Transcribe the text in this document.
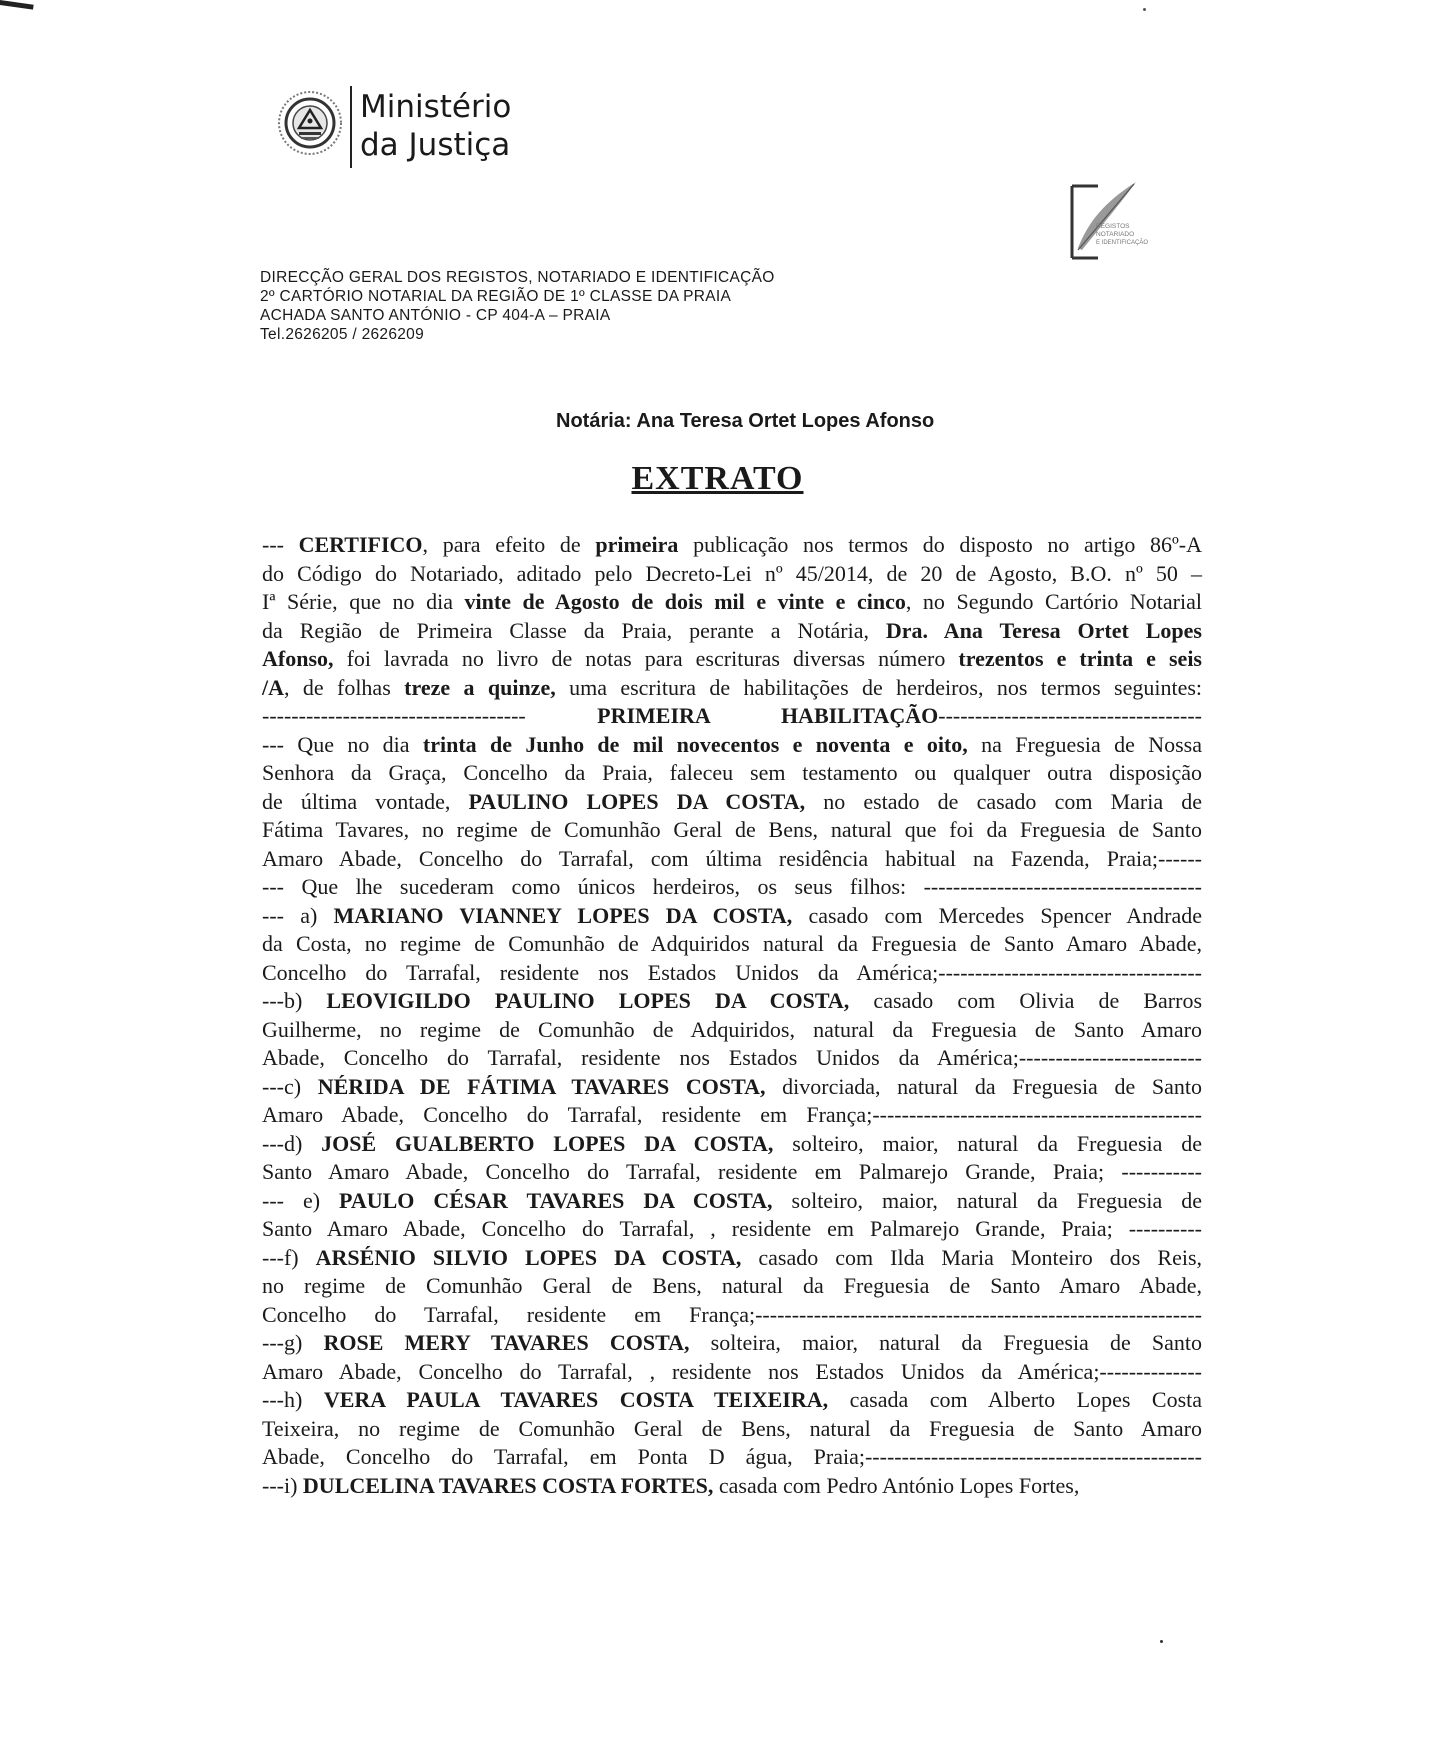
Ministério
da Justiça
REGISTOS
NOTARIADO
E IDENTIFICAÇÃO
DIRECÇÃO GERAL DOS REGISTOS, NOTARIADO E IDENTIFICAÇÃO
2º CARTÓRIO NOTARIAL DA REGIÃO DE 1º CLASSE DA PRAIA
ACHADA SANTO ANTÓNIO - CP 404-A – PRAIA
Tel.2626205 / 2626209
Notária: Ana Teresa Ortet Lopes Afonso
EXTRATO

--- CERTIFICO, para efeito de primeira publicação nos termos do disposto no artigo 86º-A

do Código do Notariado, aditado pelo Decreto-Lei nº 45/2014, de 20 de Agosto, B.O. nº 50 –

Iª Série, que no dia vinte de Agosto de dois mil e vinte e cinco, no Segundo Cartório Notarial

da Região de Primeira Classe da Praia, perante a Notária, Dra. Ana Teresa Ortet Lopes

Afonso, foi lavrada no livro de notas para escrituras diversas número trezentos e trinta e seis

/A, de folhas treze a quinze, uma escritura de habilitações de herdeiros, nos termos seguintes:

------------------------------------ PRIMEIRA HABILITAÇÃO------------------------------------

--- Que no dia trinta de Junho de mil novecentos e noventa e oito, na Freguesia de Nossa

Senhora da Graça, Concelho da Praia, faleceu sem testamento ou qualquer outra disposição

de última vontade, PAULINO LOPES DA COSTA, no estado de casado com Maria de

Fátima Tavares, no regime de Comunhão Geral de Bens, natural que foi da Freguesia de Santo

Amaro Abade, Concelho do Tarrafal, com última residência habitual na Fazenda, Praia;------

--- Que lhe sucederam como únicos herdeiros, os seus filhos: --------------------------------------

--- a) MARIANO VIANNEY LOPES DA COSTA, casado com Mercedes Spencer Andrade

da Costa, no regime de Comunhão de Adquiridos natural da Freguesia de Santo Amaro Abade,

Concelho do Tarrafal, residente nos Estados Unidos da América;------------------------------------

---b) LEOVIGILDO PAULINO LOPES DA COSTA, casado com Olivia de Barros

Guilherme, no regime de Comunhão de Adquiridos, natural da Freguesia de Santo Amaro

Abade, Concelho do Tarrafal, residente nos Estados Unidos da América;-------------------------

---c) NÉRIDA DE FÁTIMA TAVARES COSTA, divorciada, natural da Freguesia de Santo

Amaro Abade, Concelho do Tarrafal, residente em França;---------------------------------------------

---d) JOSÉ GUALBERTO LOPES DA COSTA, solteiro, maior, natural da Freguesia de

Santo Amaro Abade, Concelho do Tarrafal, residente em Palmarejo Grande, Praia; -----------

--- e) PAULO CÉSAR TAVARES DA COSTA, solteiro, maior, natural da Freguesia de

Santo Amaro Abade, Concelho do Tarrafal, , residente em Palmarejo Grande, Praia; ----------

---f) ARSÉNIO SILVIO LOPES DA COSTA, casado com Ilda Maria Monteiro dos Reis,

no regime de Comunhão Geral de Bens, natural da Freguesia de Santo Amaro Abade,

Concelho do Tarrafal, residente em França;-------------------------------------------------------------

---g) ROSE MERY TAVARES COSTA, solteira, maior, natural da Freguesia de Santo

Amaro Abade, Concelho do Tarrafal, , residente nos Estados Unidos da América;--------------

---h) VERA PAULA TAVARES COSTA TEIXEIRA, casada com Alberto Lopes Costa

Teixeira, no regime de Comunhão Geral de Bens, natural da Freguesia de Santo Amaro

Abade, Concelho do Tarrafal, em Ponta D água, Praia;----------------------------------------------

---i) DULCELINA TAVARES COSTA FORTES, casada com Pedro António Lopes Fortes,
